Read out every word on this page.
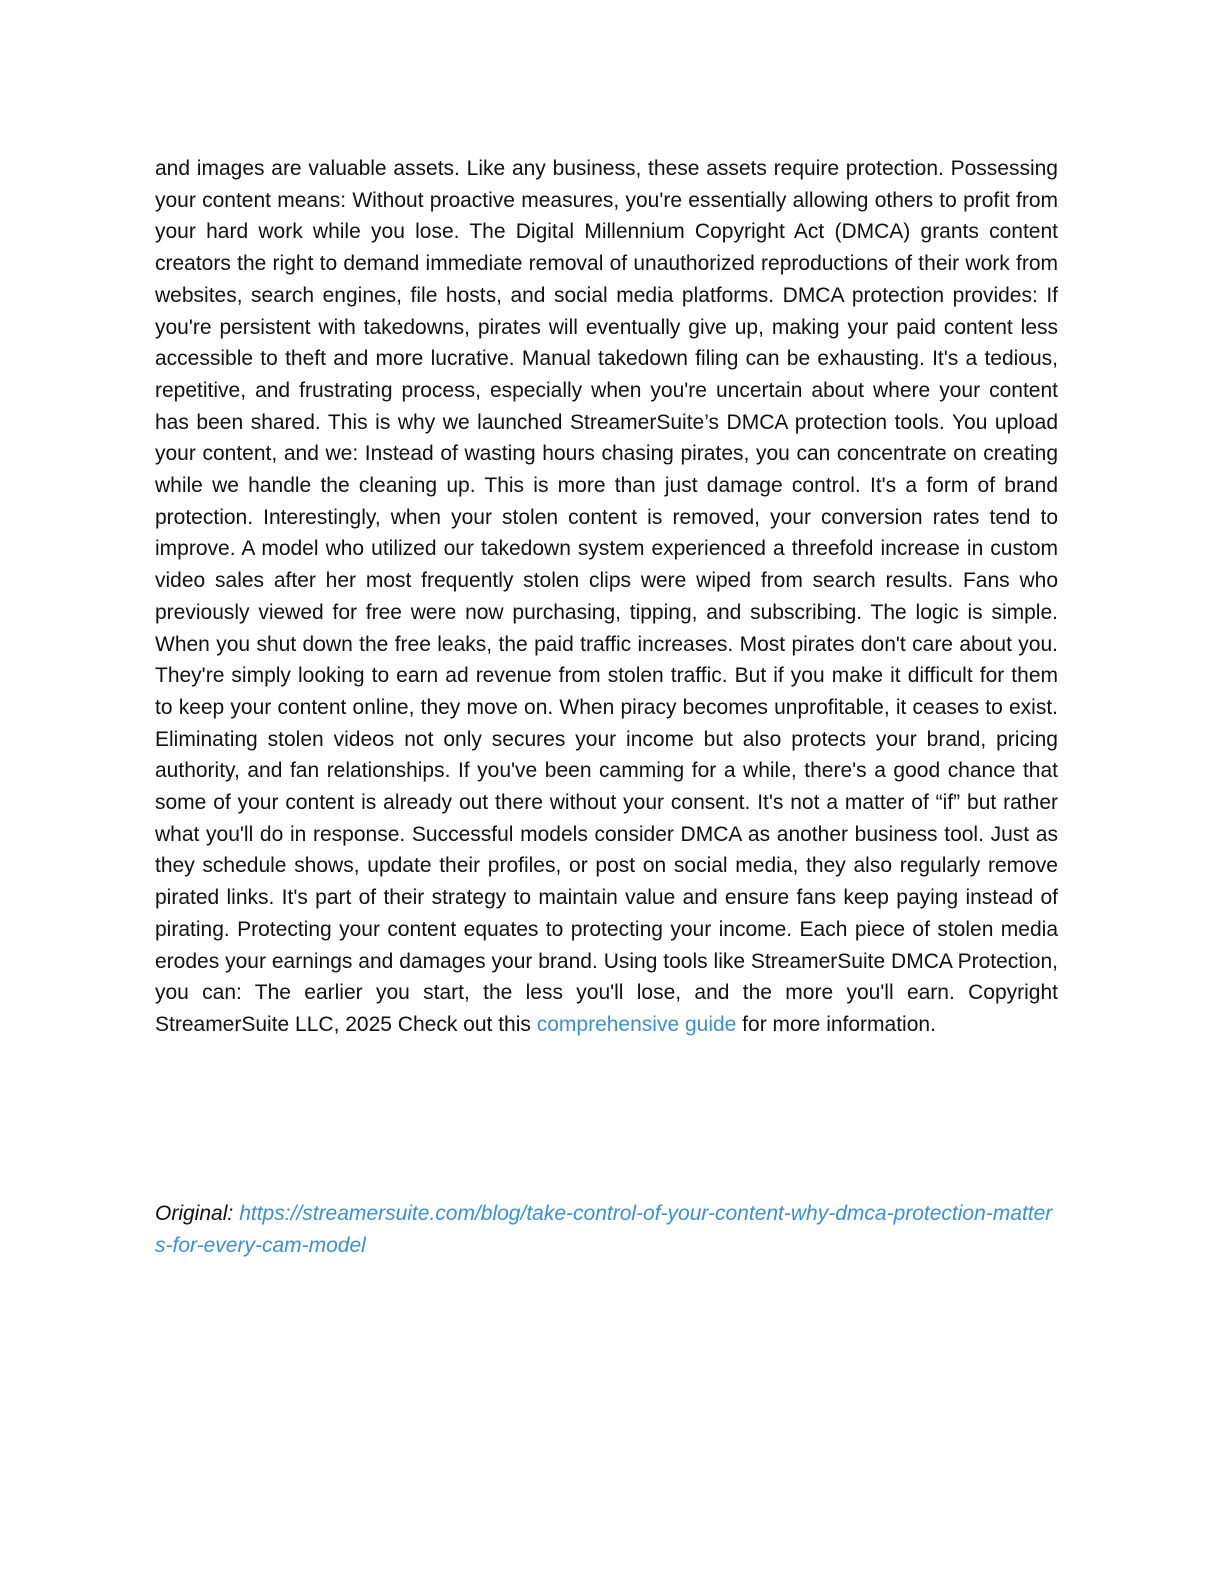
and images are valuable assets. Like any business, these assets require protection. Possessing your content means: Without proactive measures, you're essentially allowing others to profit from your hard work while you lose. The Digital Millennium Copyright Act (DMCA) grants content creators the right to demand immediate removal of unauthorized reproductions of their work from websites, search engines, file hosts, and social media platforms. DMCA protection provides: If you're persistent with takedowns, pirates will eventually give up, making your paid content less accessible to theft and more lucrative. Manual takedown filing can be exhausting. It's a tedious, repetitive, and frustrating process, especially when you're uncertain about where your content has been shared. This is why we launched StreamerSuite’s DMCA protection tools. You upload your content, and we: Instead of wasting hours chasing pirates, you can concentrate on creating while we handle the cleaning up. This is more than just damage control. It's a form of brand protection. Interestingly, when your stolen content is removed, your conversion rates tend to improve. A model who utilized our takedown system experienced a threefold increase in custom video sales after her most frequently stolen clips were wiped from search results. Fans who previously viewed for free were now purchasing, tipping, and subscribing. The logic is simple. When you shut down the free leaks, the paid traffic increases. Most pirates don't care about you. They're simply looking to earn ad revenue from stolen traffic. But if you make it difficult for them to keep your content online, they move on. When piracy becomes unprofitable, it ceases to exist. Eliminating stolen videos not only secures your income but also protects your brand, pricing authority, and fan relationships. If you've been camming for a while, there's a good chance that some of your content is already out there without your consent. It's not a matter of “if” but rather what you'll do in response. Successful models consider DMCA as another business tool. Just as they schedule shows, update their profiles, or post on social media, they also regularly remove pirated links. It's part of their strategy to maintain value and ensure fans keep paying instead of pirating. Protecting your content equates to protecting your income. Each piece of stolen media erodes your earnings and damages your brand. Using tools like StreamerSuite DMCA Protection, you can: The earlier you start, the less you'll lose, and the more you'll earn. Copyright StreamerSuite LLC, 2025 Check out this comprehensive guide for more information.

Original: https://streamersuite.com/blog/take-control-of-your-content-why-dmca-protection-matters-for-every-cam-model
